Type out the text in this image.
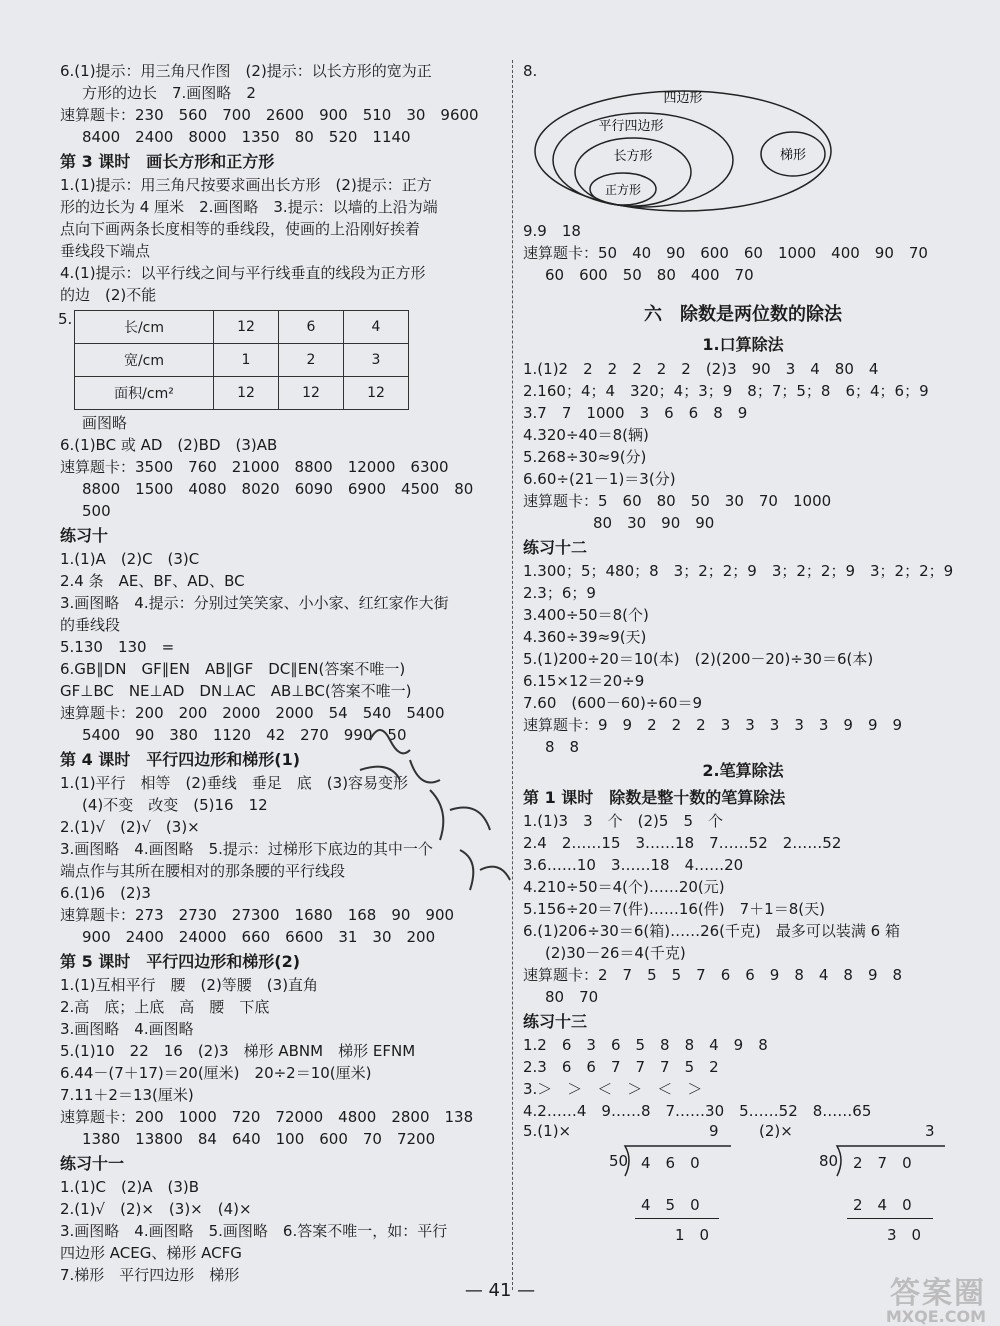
6.(1)提示：用三角尺作图　(2)提示：以长方形的宽为正
方形的边长　7.画图略　2
速算题卡：230　560　700　2600　900　510　30　9600
8400　2400　8000　1350　80　520　1140
第 3 课时　画长方形和正方形
1.(1)提示：用三角尺按要求画出长方形　(2)提示：正方
形的边长为 4 厘米　2.画图略　3.提示：以墙的上沿为端
点向下画两条长度相等的垂线段，使画的上沿刚好挨着
垂线段下端点
4.(1)提示：以平行线之间与平行线垂直的线段为正方形
的边　(2)不能
5.	长/cm	12	6	4
宽/cm	1	2	3
面积/cm²	12	12	12
画图略
6.(1)BC 或 AD　(2)BD　(3)AB
速算题卡：3500　760　21000　8800　12000　6300
8800　1500　4080　8020　6090　6900　4500　80
500
练习十
1.(1)A　(2)C　(3)C
2.4 条　AE、BF、AD、BC
3.画图略　4.提示：分别过笑笑家、小小家、红红家作大街
的垂线段
5.130　130　=
6.GB∥DN　GF∥EN　AB∥GF　DC∥EN(答案不唯一)
GF⊥BC　NE⊥AD　DN⊥AC　AB⊥BC(答案不唯一)
速算题卡：200　200　2000　2000　54　540　5400
5400　90　380　1120　42　270　990　50
第 4 课时　平行四边形和梯形(1)
1.(1)平行　相等　(2)垂线　垂足　底　(3)容易变形
(4)不变　改变　(5)16　12
2.(1)√　(2)√　(3)×
3.画图略　4.画图略　5.提示：过梯形下底边的其中一个
端点作与其所在腰相对的那条腰的平行线段
6.(1)6　(2)3
速算题卡：273　2730　27300　1680　168　90　900
900　2400　24000　660　6600　31　30　200
第 5 课时　平行四边形和梯形(2)
1.(1)互相平行　腰　(2)等腰　(3)直角
2.高　底；上底　高　腰　下底
3.画图略　4.画图略
5.(1)10　22　16　(2)3　梯形 ABNM　梯形 EFNM
6.44－(7＋17)＝20(厘米)　20÷2＝10(厘米)
7.11＋2＝13(厘米)
速算题卡：200　1000　720　72000　4800　2800　138
1380　13800　84　640　100　600　70　7200
练习十一
1.(1)C　(2)A　(3)B
2.(1)√　(2)×　(3)×　(4)×
3.画图略　4.画图略　5.画图略　6.答案不唯一，如：平行
四边形 ACEG、梯形 ACFG
7.梯形　平行四边形　梯形
8.
四边形
平行四边形
长方形
正方形
梯形
9.9　18
速算题卡：50　40　90　600　60　1000　400　90　70
60　600　50　80　400　70
六　除数是两位数的除法
1.口算除法
1.(1)2　2　2　2　2　2　(2)3　90　3　4　80　4
2.160；4；4　320；4；3；9　8；7；5；8　6；4；6；9
3.7　7　1000　3　6　6　8　9
4.320÷40＝8(辆)
5.268÷30≈9(分)
6.60÷(21－1)＝3(分)
速算题卡：5　60　80　50　30　70　1000
80　30　90　90
练习十二
1.300；5；480；8　3；2；2；9　3；2；2；9　3；2；2；9
2.3；6；9
3.400÷50＝8(个)
4.360÷39≈9(天)
5.(1)200÷20＝10(本)　(2)(200－20)÷30＝6(本)
6.15×12＝20÷9
7.60　(600－60)÷60＝9
速算题卡：9　9　2　2　2　3　3　3　3　3　9　9　9
8　8
2.笔算除法
第 1 课时　除数是整十数的笔算除法
1.(1)3　3　个　(2)5　5　个
2.4　2……15　3……18　7……52　2……52
3.6……10　3……18　4……20
4.210÷50＝4(个)……20(元)
5.156÷20＝7(件)……16(件)　7＋1＝8(天)
6.(1)206÷30＝6(箱)……26(千克)　最多可以装满 6 箱
(2)30－26＝4(千克)
速算题卡：2　7　5　5　7　6　6　9　8　4　8　9　8
80　70
练习十三
1.2　6　3　6　5　8　8　4　9　8
2.3　6　6　7　7　7　5　2
3.＞　＞　＜　＞　＜　＞
4.2……4　9……8　7……30　5……52　8……65
5.(1)×	(2)×
9
50 4　6　0
4　5　0
1　0
3
80 2　7　0
2　4　0
3　0
— 41 —	答案圈
MXQE.COM
